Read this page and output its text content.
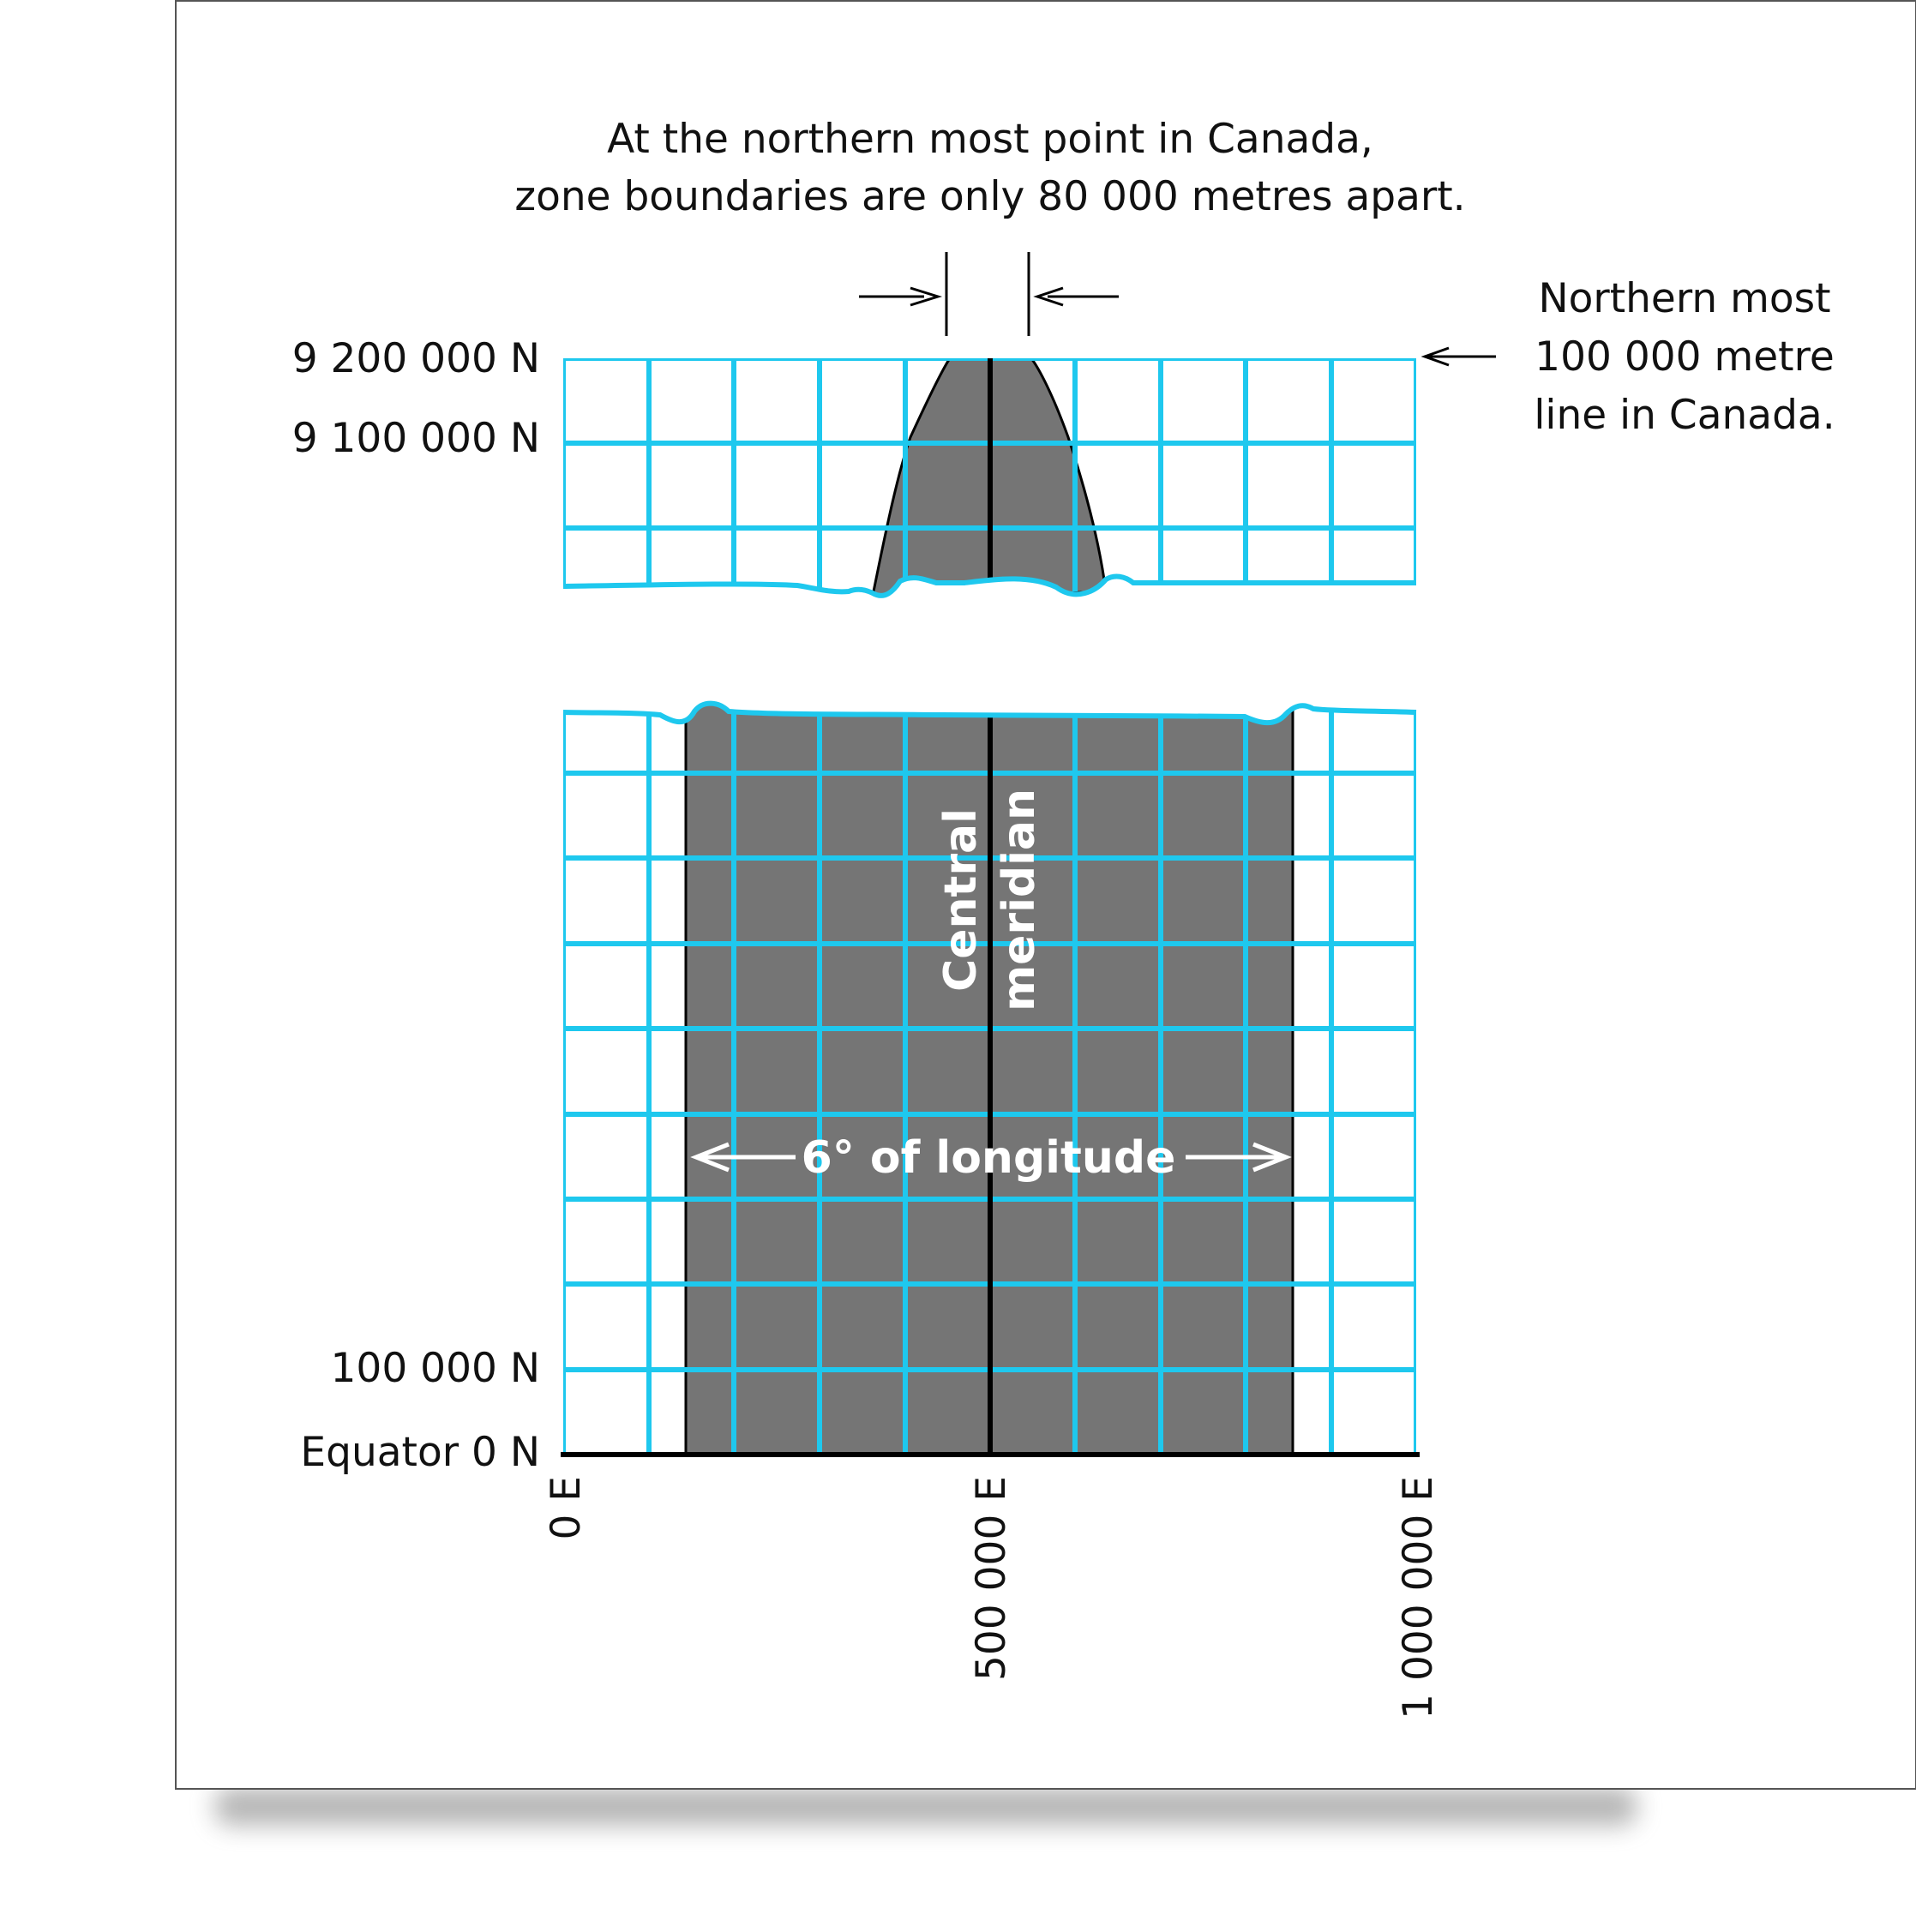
At the northern most point in Canada,
zone boundaries are only 80 000 metres apart.
Northern most
100 000 metre
line in Canada.
9 200 000 N
9 100 000 N
100 000 N
Equator 0 N
Central meridian
6° of longitude
0 E	500 000 E	1 000 000 E
